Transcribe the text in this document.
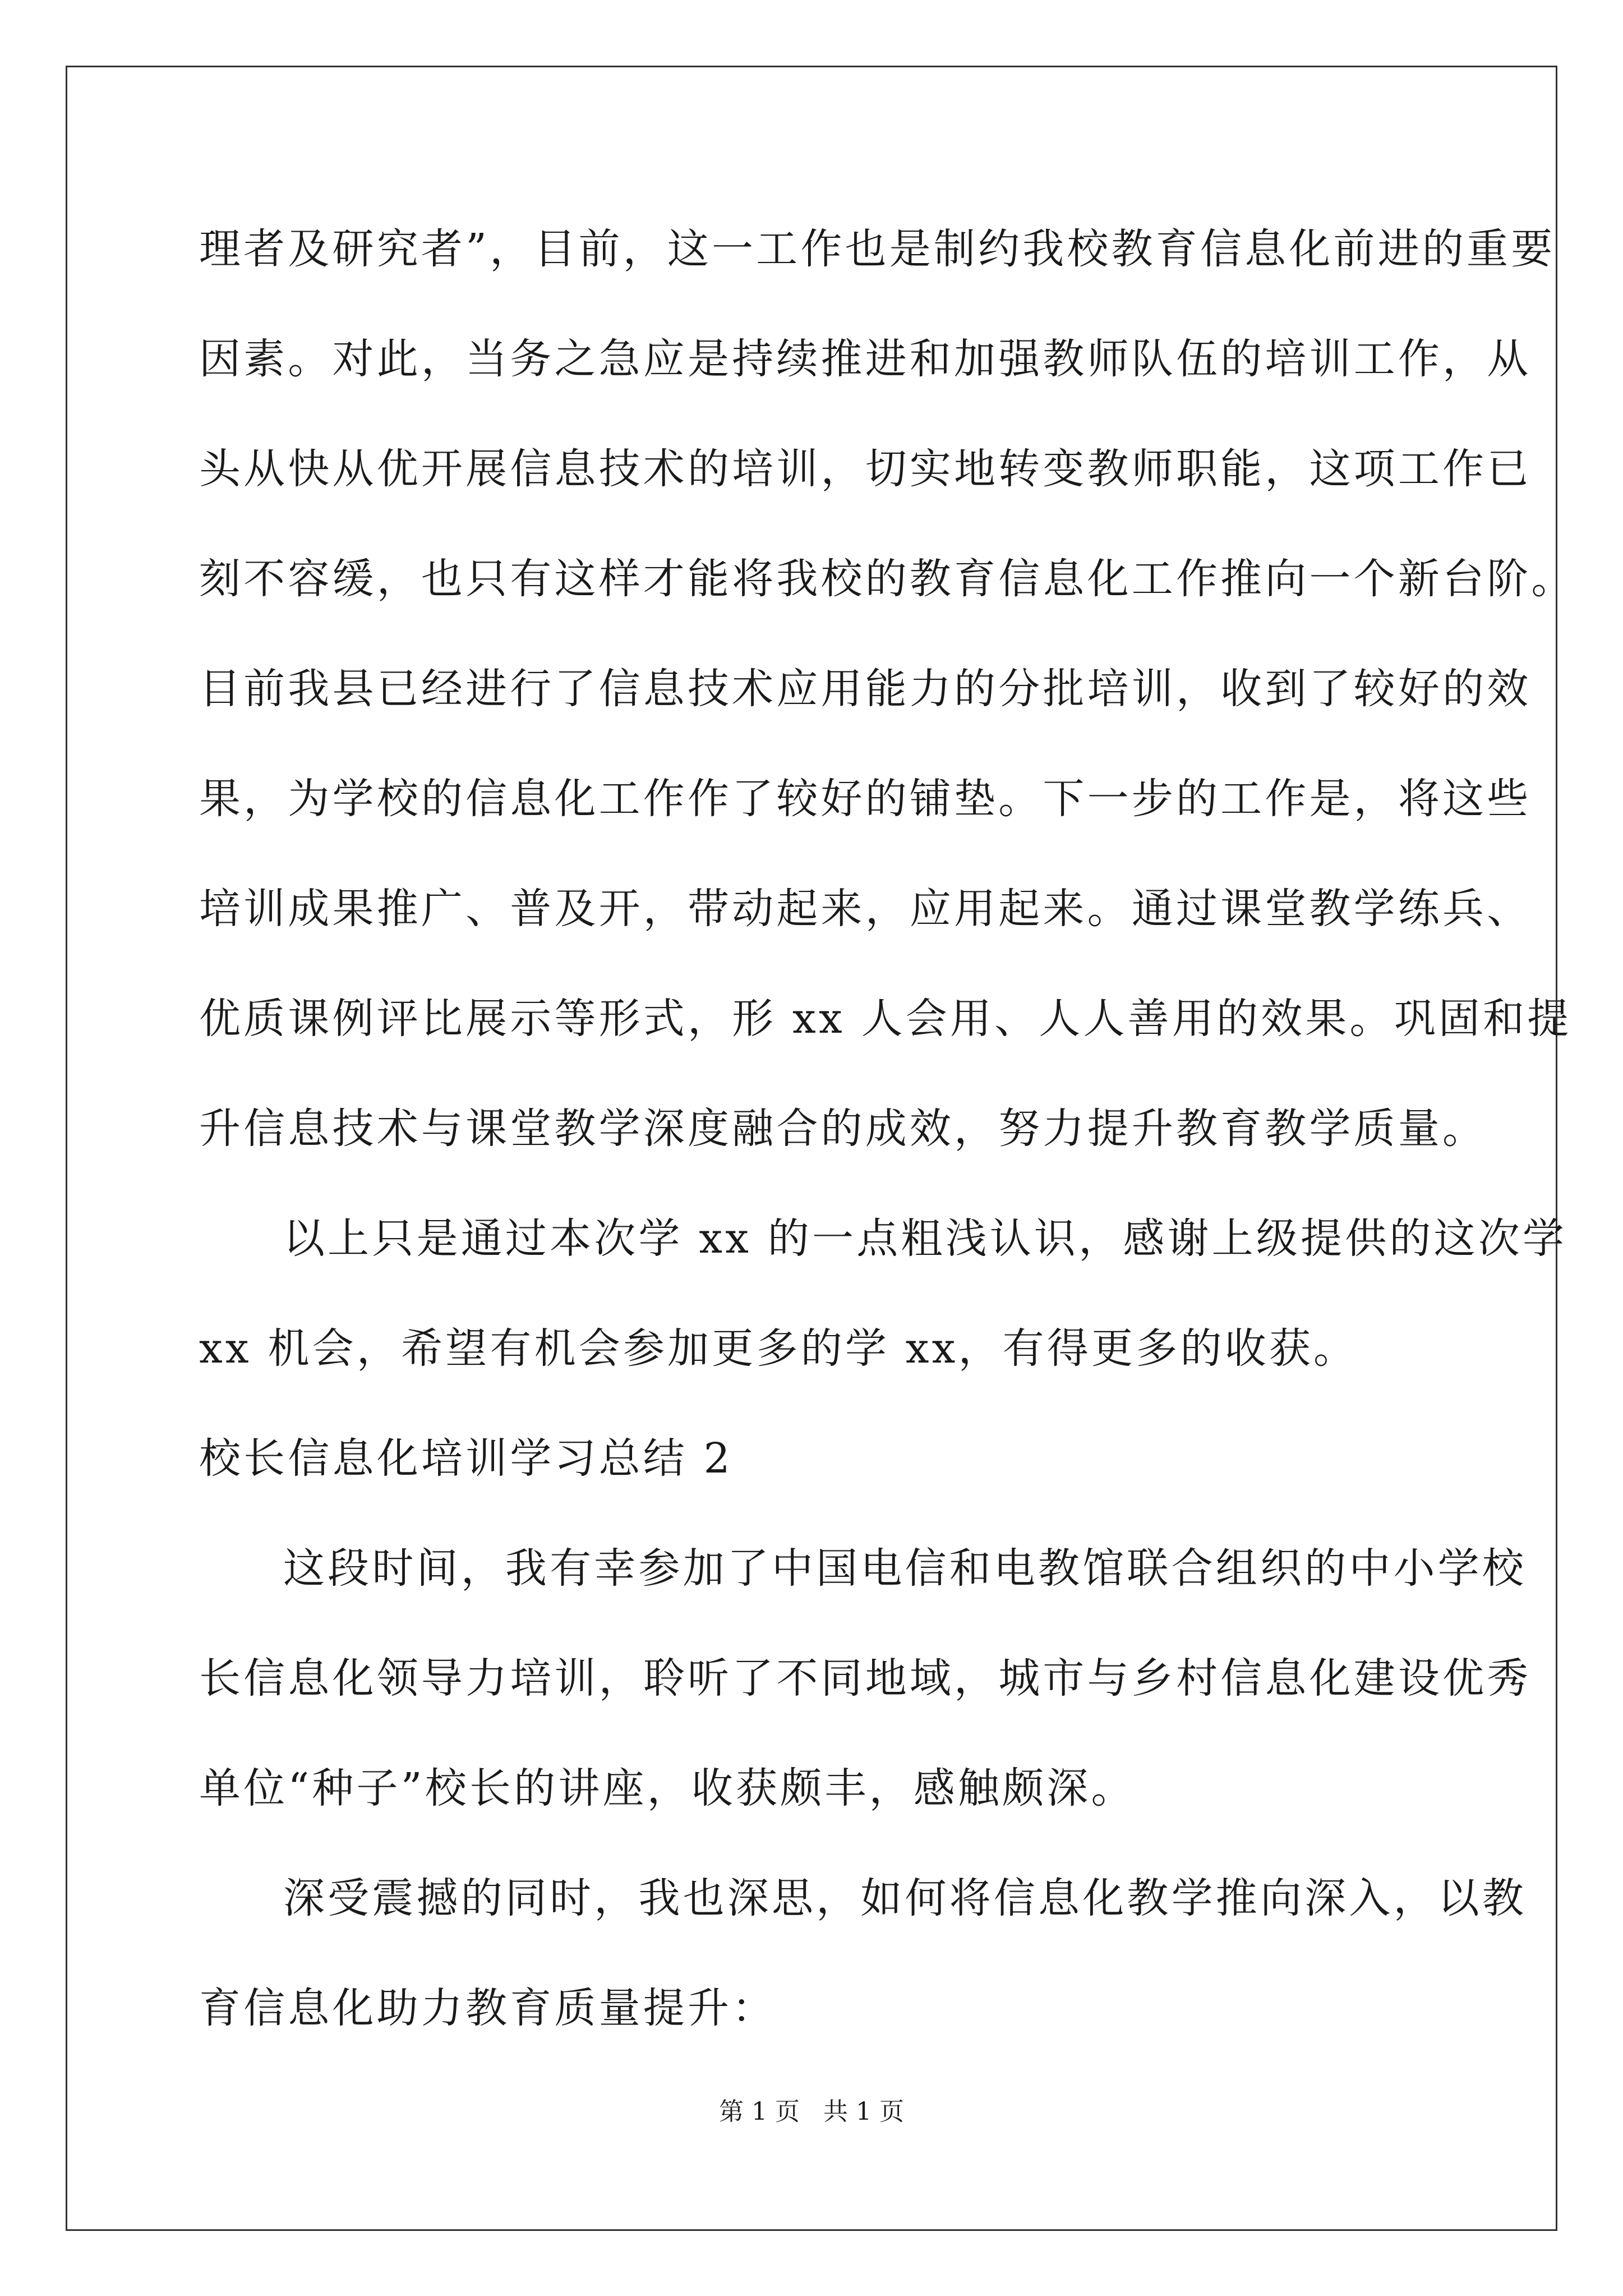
理者及研究者”，目前，这一工作也是制约我校教育信息化前进的重要
因素。对此，当务之急应是持续推进和加强教师队伍的培训工作，从
头从快从优开展信息技术的培训，切实地转变教师职能，这项工作已
刻不容缓，也只有这样才能将我校的教育信息化工作推向一个新台阶。
目前我县已经进行了信息技术应用能力的分批培训，收到了较好的效
果，为学校的信息化工作作了较好的铺垫。下一步的工作是，将这些
培训成果推广、普及开，带动起来，应用起来。通过课堂教学练兵、
优质课例评比展示等形式，形 xx 人会用、人人善用的效果。巩固和提
升信息技术与课堂教学深度融合的成效，努力提升教育教学质量。
以上只是通过本次学 xx 的一点粗浅认识，感谢上级提供的这次学
xx 机会，希望有机会参加更多的学 xx，有得更多的收获。
校长信息化培训学习总结 2
这段时间，我有幸参加了中国电信和电教馆联合组织的中小学校
长信息化领导力培训，聆听了不同地域，城市与乡村信息化建设优秀
单位“种子”校长的讲座，收获颇丰，感触颇深。
深受震撼的同时，我也深思，如何将信息化教学推向深入，以教
育信息化助力教育质量提升：
第 1 页   共 1 页
